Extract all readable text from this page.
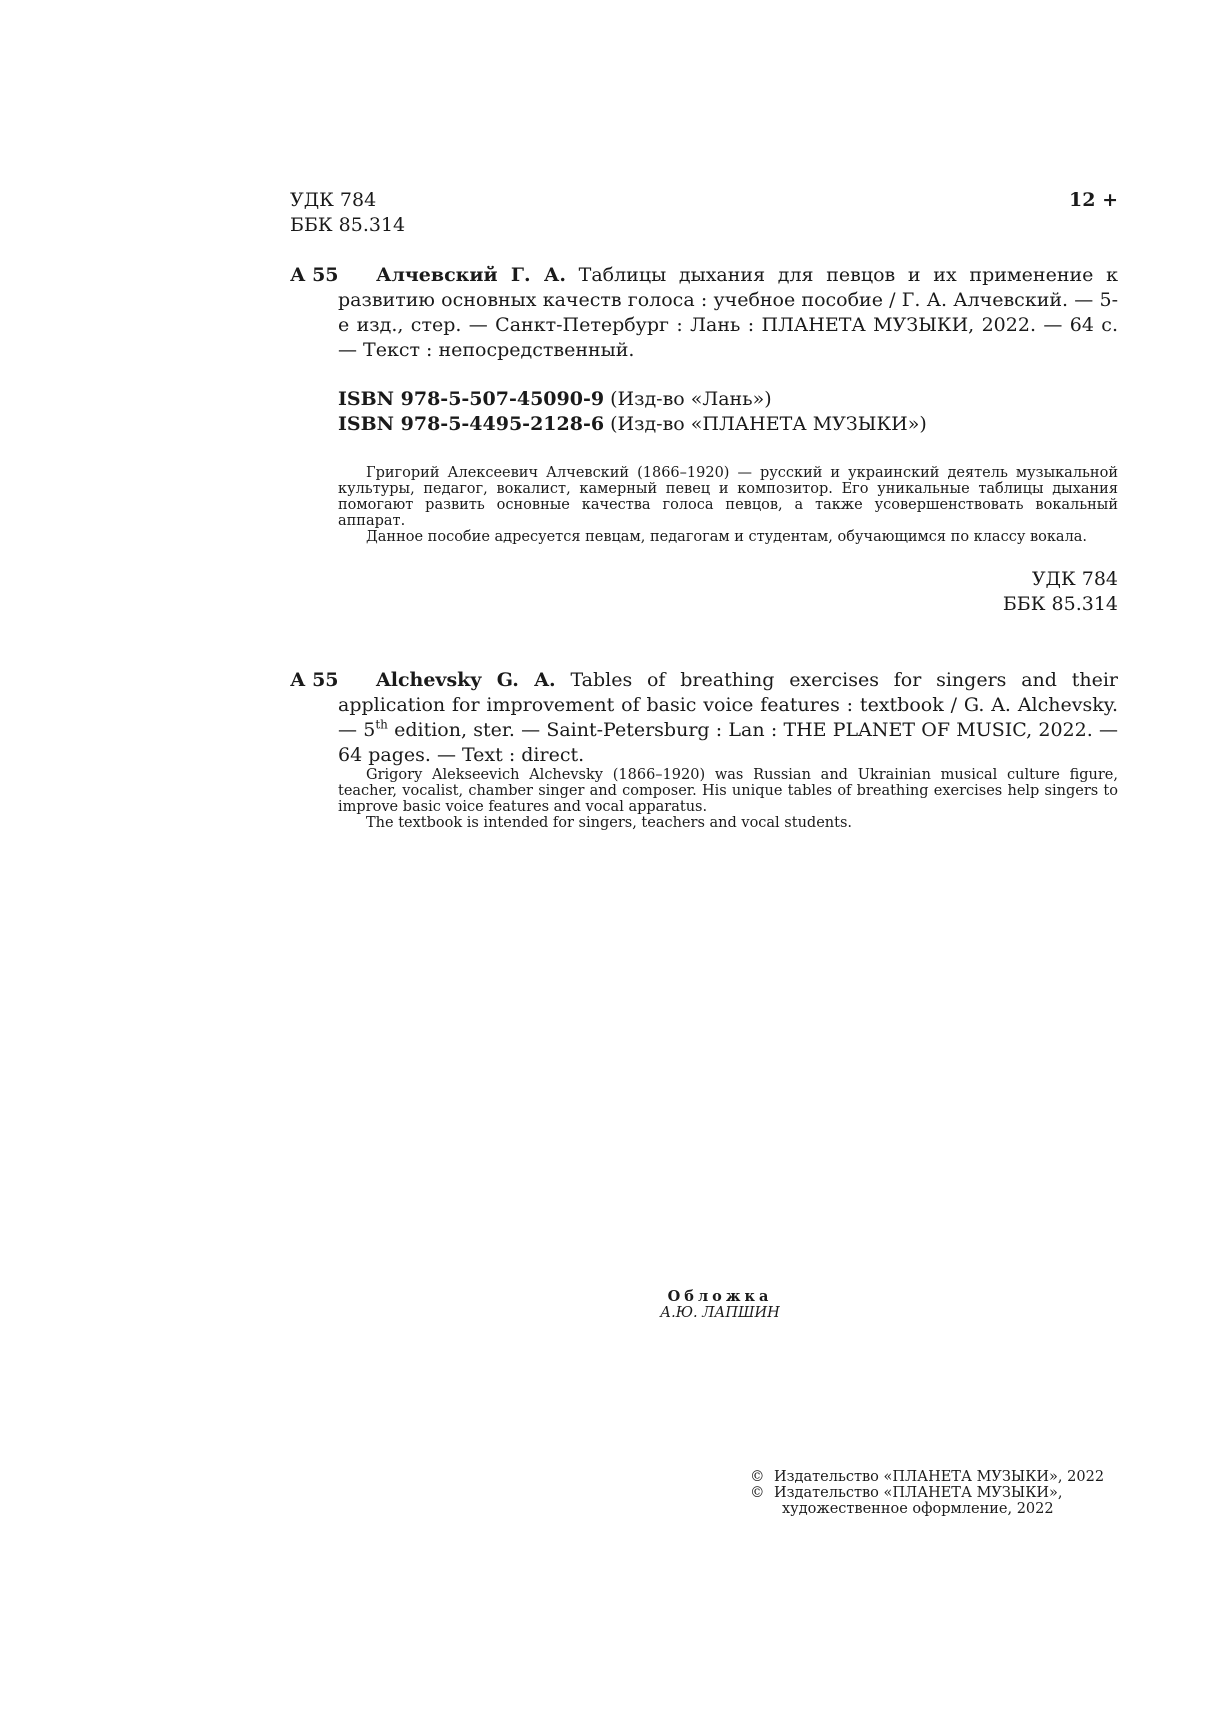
УДК 784
ББК 85.314
12 +
А 55	Алчевский Г. А. Таблицы дыхания для певцов и их применение к развитию основных качеств голоса : учебное пособие / Г. А. Алчевский. — 5-е изд., стер. — Санкт-Петербург : Лань : ПЛАНЕТА МУЗЫКИ, 2022. — 64 с. — Текст : непосредственный.

ISBN 978-5-507-45090-9 (Изд-во «Лань»)
ISBN 978-5-4495-2128-6 (Изд-во «ПЛАНЕТА МУЗЫКИ»)

Григорий Алексеевич Алчевский (1866–1920) — русский и украинский деятель музыкальной культуры, педагог, вокалист, камерный певец и композитор. Его уникальные таблицы дыхания помогают развить основные качества голоса певцов, а также усовершенствовать вокальный аппарат.

Данное пособие адресуется певцам, педагогам и студентам, обучающимся по классу вокала.

УДК 784
ББК 85.314
А 55	Alchevsky G. A. Tables of breathing exercises for singers and their application for improvement of basic voice features : textbook / G. A. Alchevsky. — 5th edition, ster. — Saint-Petersburg : Lan : THE PLANET OF MUSIC, 2022. — 64 pages. — Text : direct.

Grigory Alekseevich Alchevsky (1866–1920) was Russian and Ukrainian musical culture figure, teacher, vocalist, chamber singer and composer. His unique tables of breathing exercises help singers to improve basic voice features and vocal apparatus.

The textbook is intended for singers, teachers and vocal students.

Обложка
А.Ю. ЛАПШИН
© Издательство «ПЛАНЕТА МУЗЫКИ», 2022
© Издательство «ПЛАНЕТА МУЗЫКИ»,
художественное оформление, 2022
